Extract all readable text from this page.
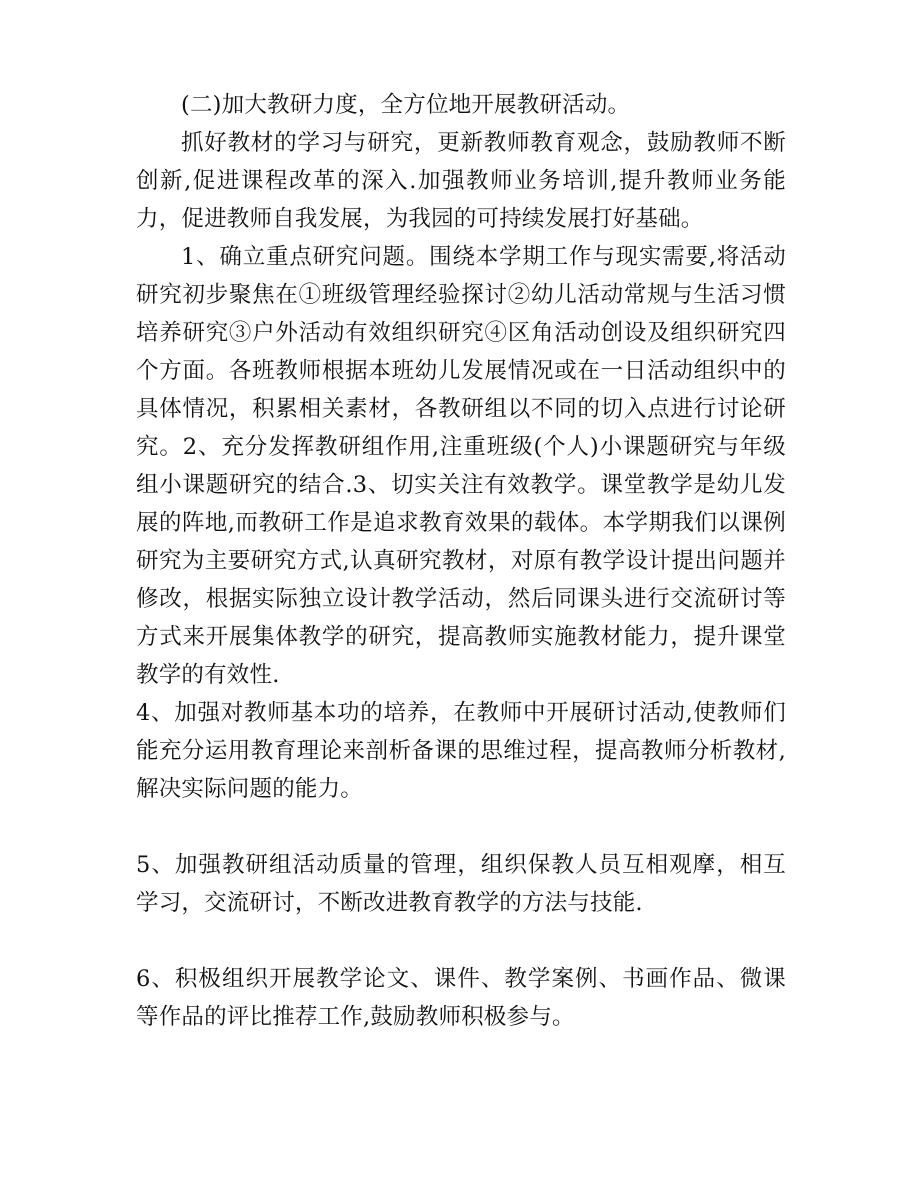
(二)加大教研力度，全方位地开展教研活动。

抓好教材的学习与研究，更新教师教育观念，鼓励教师不断创新,促进课程改革的深入.加强教师业务培训,提升教师业务能力，促进教师自我发展，为我园的可持续发展打好基础。

1、确立重点研究问题。围绕本学期工作与现实需要,将活动研究初步聚焦在①班级管理经验探讨②幼儿活动常规与生活习惯培养研究③户外活动有效组织研究④区角活动创设及组织研究四个方面。各班教师根据本班幼儿发展情况或在一日活动组织中的具体情况，积累相关素材，各教研组以不同的切入点进行讨论研究。2、充分发挥教研组作用,注重班级(个人)小课题研究与年级组小课题研究的结合.3、切实关注有效教学。课堂教学是幼儿发展的阵地,而教研工作是追求教育效果的载体。本学期我们以课例研究为主要研究方式,认真研究教材，对原有教学设计提出问题并修改，根据实际独立设计教学活动，然后同课头进行交流研讨等方式来开展集体教学的研究，提高教师实施教材能力，提升课堂教学的有效性.

4、加强对教师基本功的培养，在教师中开展研讨活动,使教师们能充分运用教育理论来剖析备课的思维过程，提高教师分析教材,解决实际问题的能力。

5、加强教研组活动质量的管理，组织保教人员互相观摩，相互学习，交流研讨，不断改进教育教学的方法与技能.

6、积极组织开展教学论文、课件、教学案例、书画作品、微课等作品的评比推荐工作,鼓励教师积极参与。
